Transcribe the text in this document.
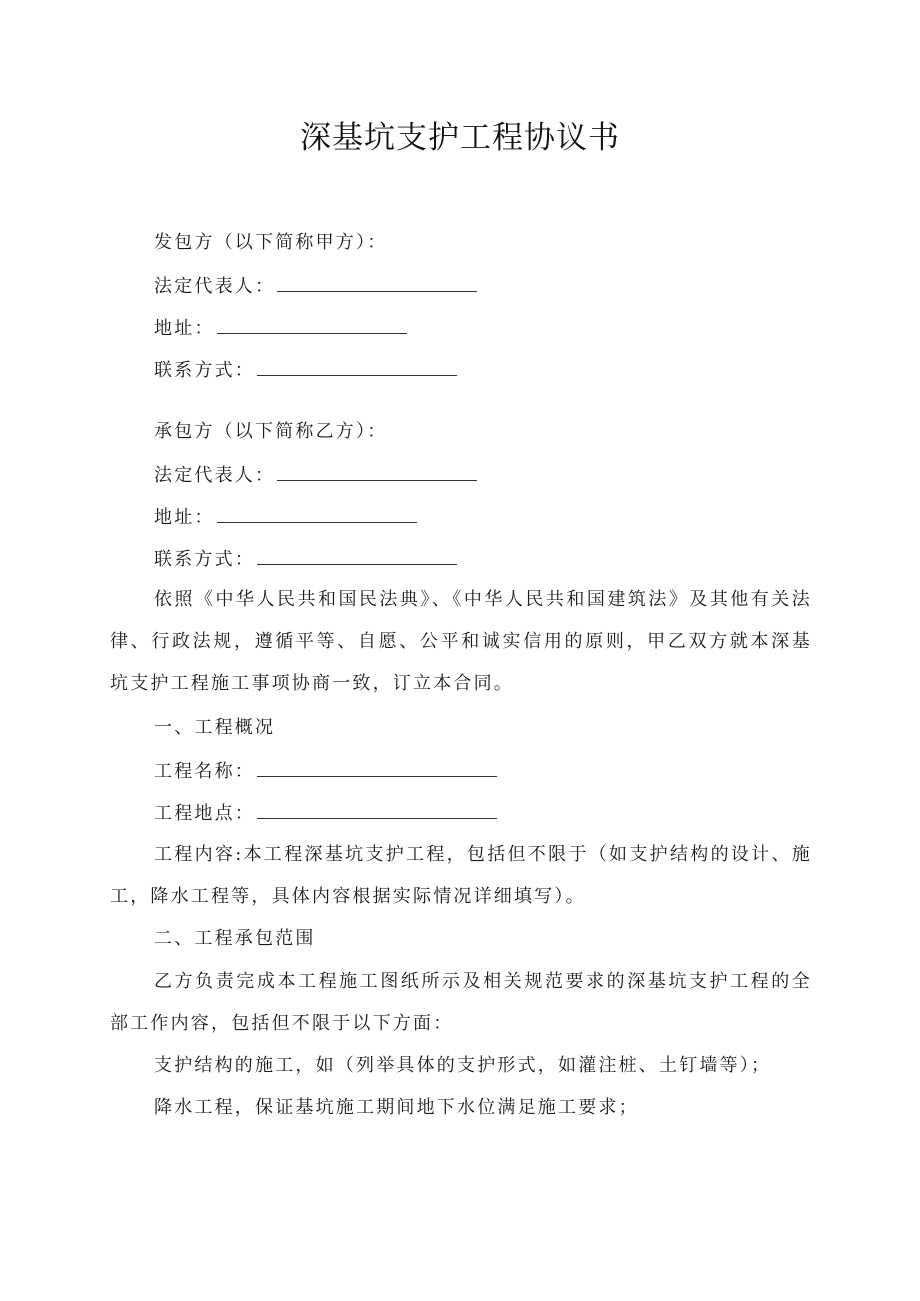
深基坑支护工程协议书
发包方（以下简称甲方）：
法定代表人：
地址：
联系方式：
承包方（以下简称乙方）：
法定代表人：
地址：
联系方式：
依照《中华人民共和国民法典》、《中华人民共和国建筑法》及其他有关法律、行政法规，遵循平等、自愿、公平和诚实信用的原则，甲乙双方就本深基坑支护工程施工事项协商一致，订立本合同。
一、工程概况
工程名称：
工程地点：
工程内容:本工程深基坑支护工程，包括但不限于（如支护结构的设计、施工，降水工程等，具体内容根据实际情况详细填写）。
二、工程承包范围
乙方负责完成本工程施工图纸所示及相关规范要求的深基坑支护工程的全部工作内容，包括但不限于以下方面：
支护结构的施工，如（列举具体的支护形式，如灌注桩、土钉墙等）；
降水工程，保证基坑施工期间地下水位满足施工要求；
